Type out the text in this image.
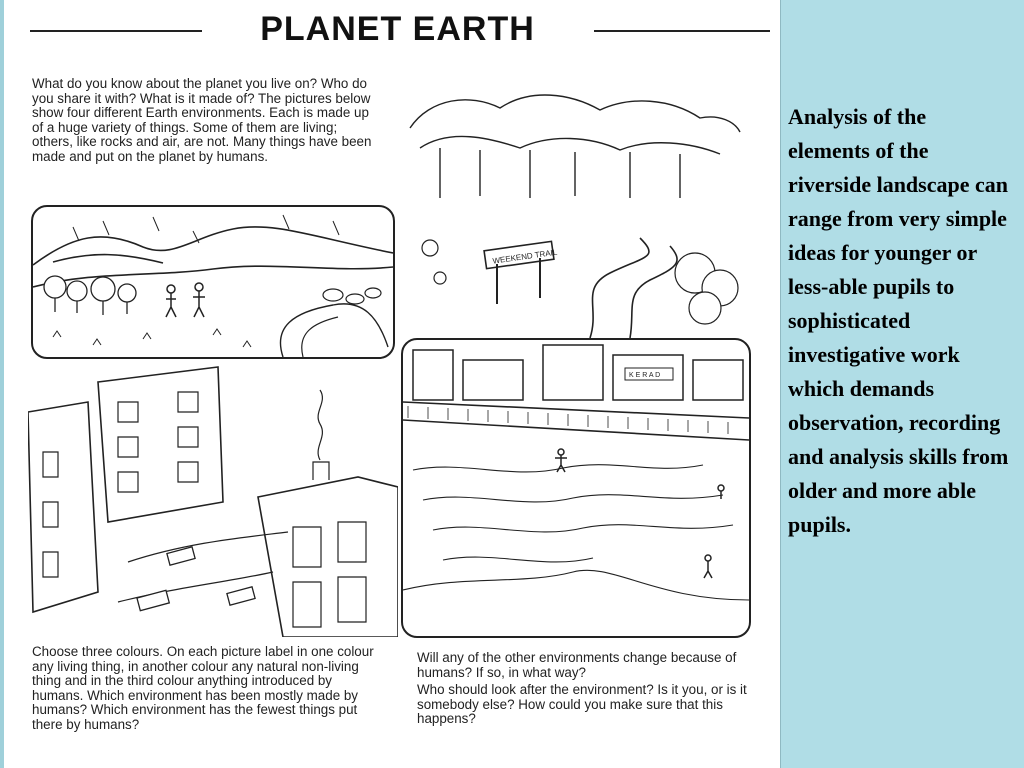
PLANET EARTH

What do you know about the planet you live on? Who do you share it with? What is it made of? The pictures below show four different Earth environments. Each is made up of a huge variety of things. Some of them are living; others, like rocks and air, are not. Many things have been made and put on the planet by humans.

WEEKEND TRAIL
K E R A D

Choose three colours. On each picture label in one colour any living thing, in another colour any natural non-living thing and in the third colour anything introduced by humans. Which environment has been mostly made by humans? Which environment has the fewest things put there by humans?

Will any of the other environments change because of humans? If so, in what way?

Who should look after the environment? Is it you, or is it somebody else? How could you make sure that this happens?

Analysis of the elements of the riverside landscape can range from very simple ideas for younger or less-able pupils to sophisticated investigative work which demands observation, recording and analysis skills from older and more able pupils.
